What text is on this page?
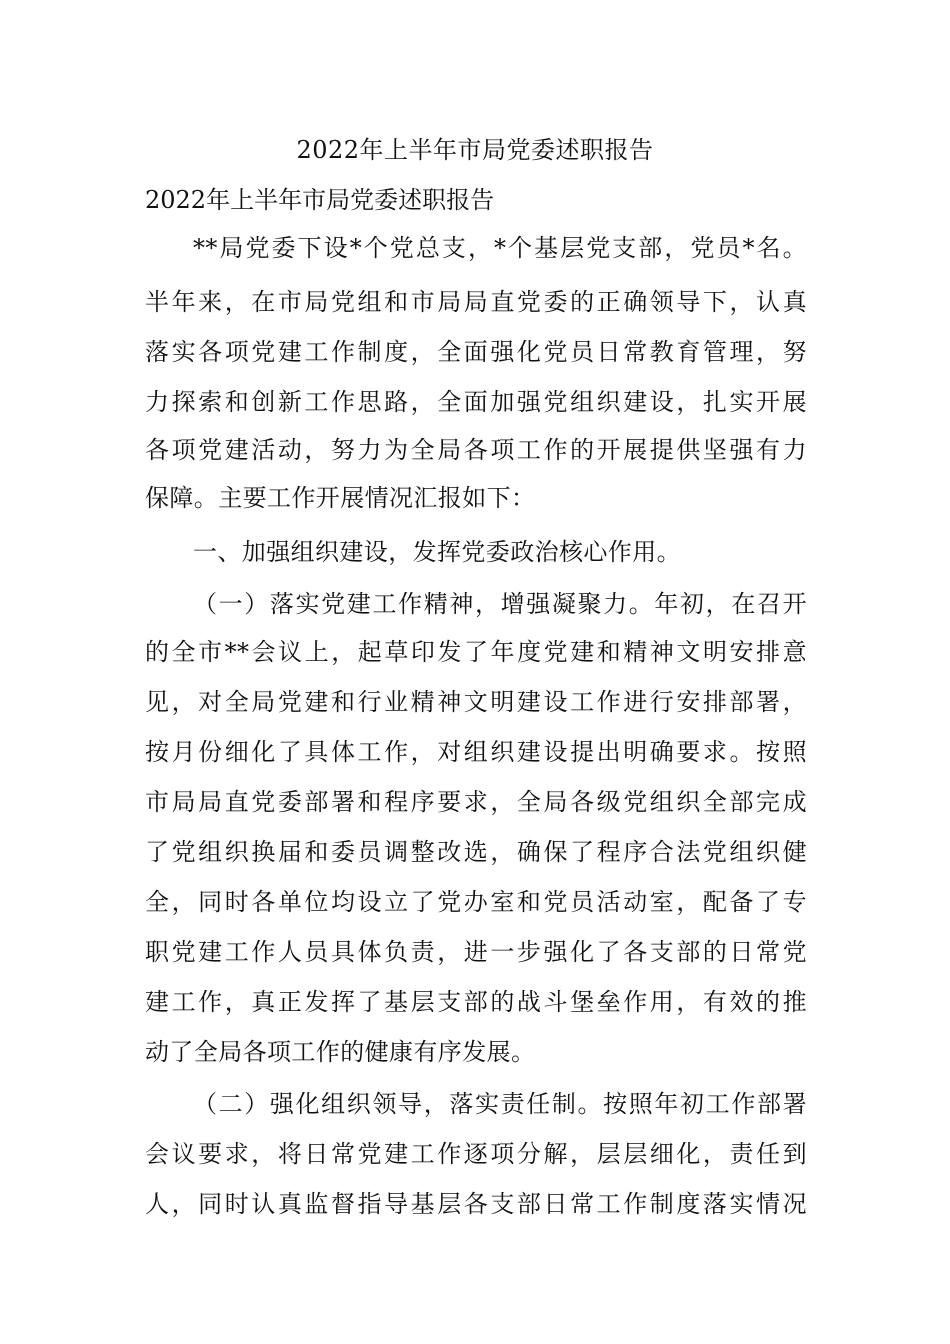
2022年上半年市局党委述职报告
2022年上半年市局党委述职报告
**局党委下设*个党总支，*个基层党支部，党员*名。
半年来，在市局党组和市局局直党委的正确领导下，认真
落实各项党建工作制度，全面强化党员日常教育管理，努
力探索和创新工作思路，全面加强党组织建设，扎实开展
各项党建活动，努力为全局各项工作的开展提供坚强有力
保障。主要工作开展情况汇报如下：
一、加强组织建设，发挥党委政治核心作用。
（一）落实党建工作精神，增强凝聚力。年初，在召开
的全市**会议上，起草印发了年度党建和精神文明安排意
见，对全局党建和行业精神文明建设工作进行安排部署，
按月份细化了具体工作，对组织建设提出明确要求。按照
市局局直党委部署和程序要求，全局各级党组织全部完成
了党组织换届和委员调整改选，确保了程序合法党组织健
全，同时各单位均设立了党办室和党员活动室，配备了专
职党建工作人员具体负责，进一步强化了各支部的日常党
建工作，真正发挥了基层支部的战斗堡垒作用，有效的推
动了全局各项工作的健康有序发展。
（二）强化组织领导，落实责任制。按照年初工作部署
会议要求，将日常党建工作逐项分解，层层细化，责任到
人，同时认真监督指导基层各支部日常工作制度落实情况
